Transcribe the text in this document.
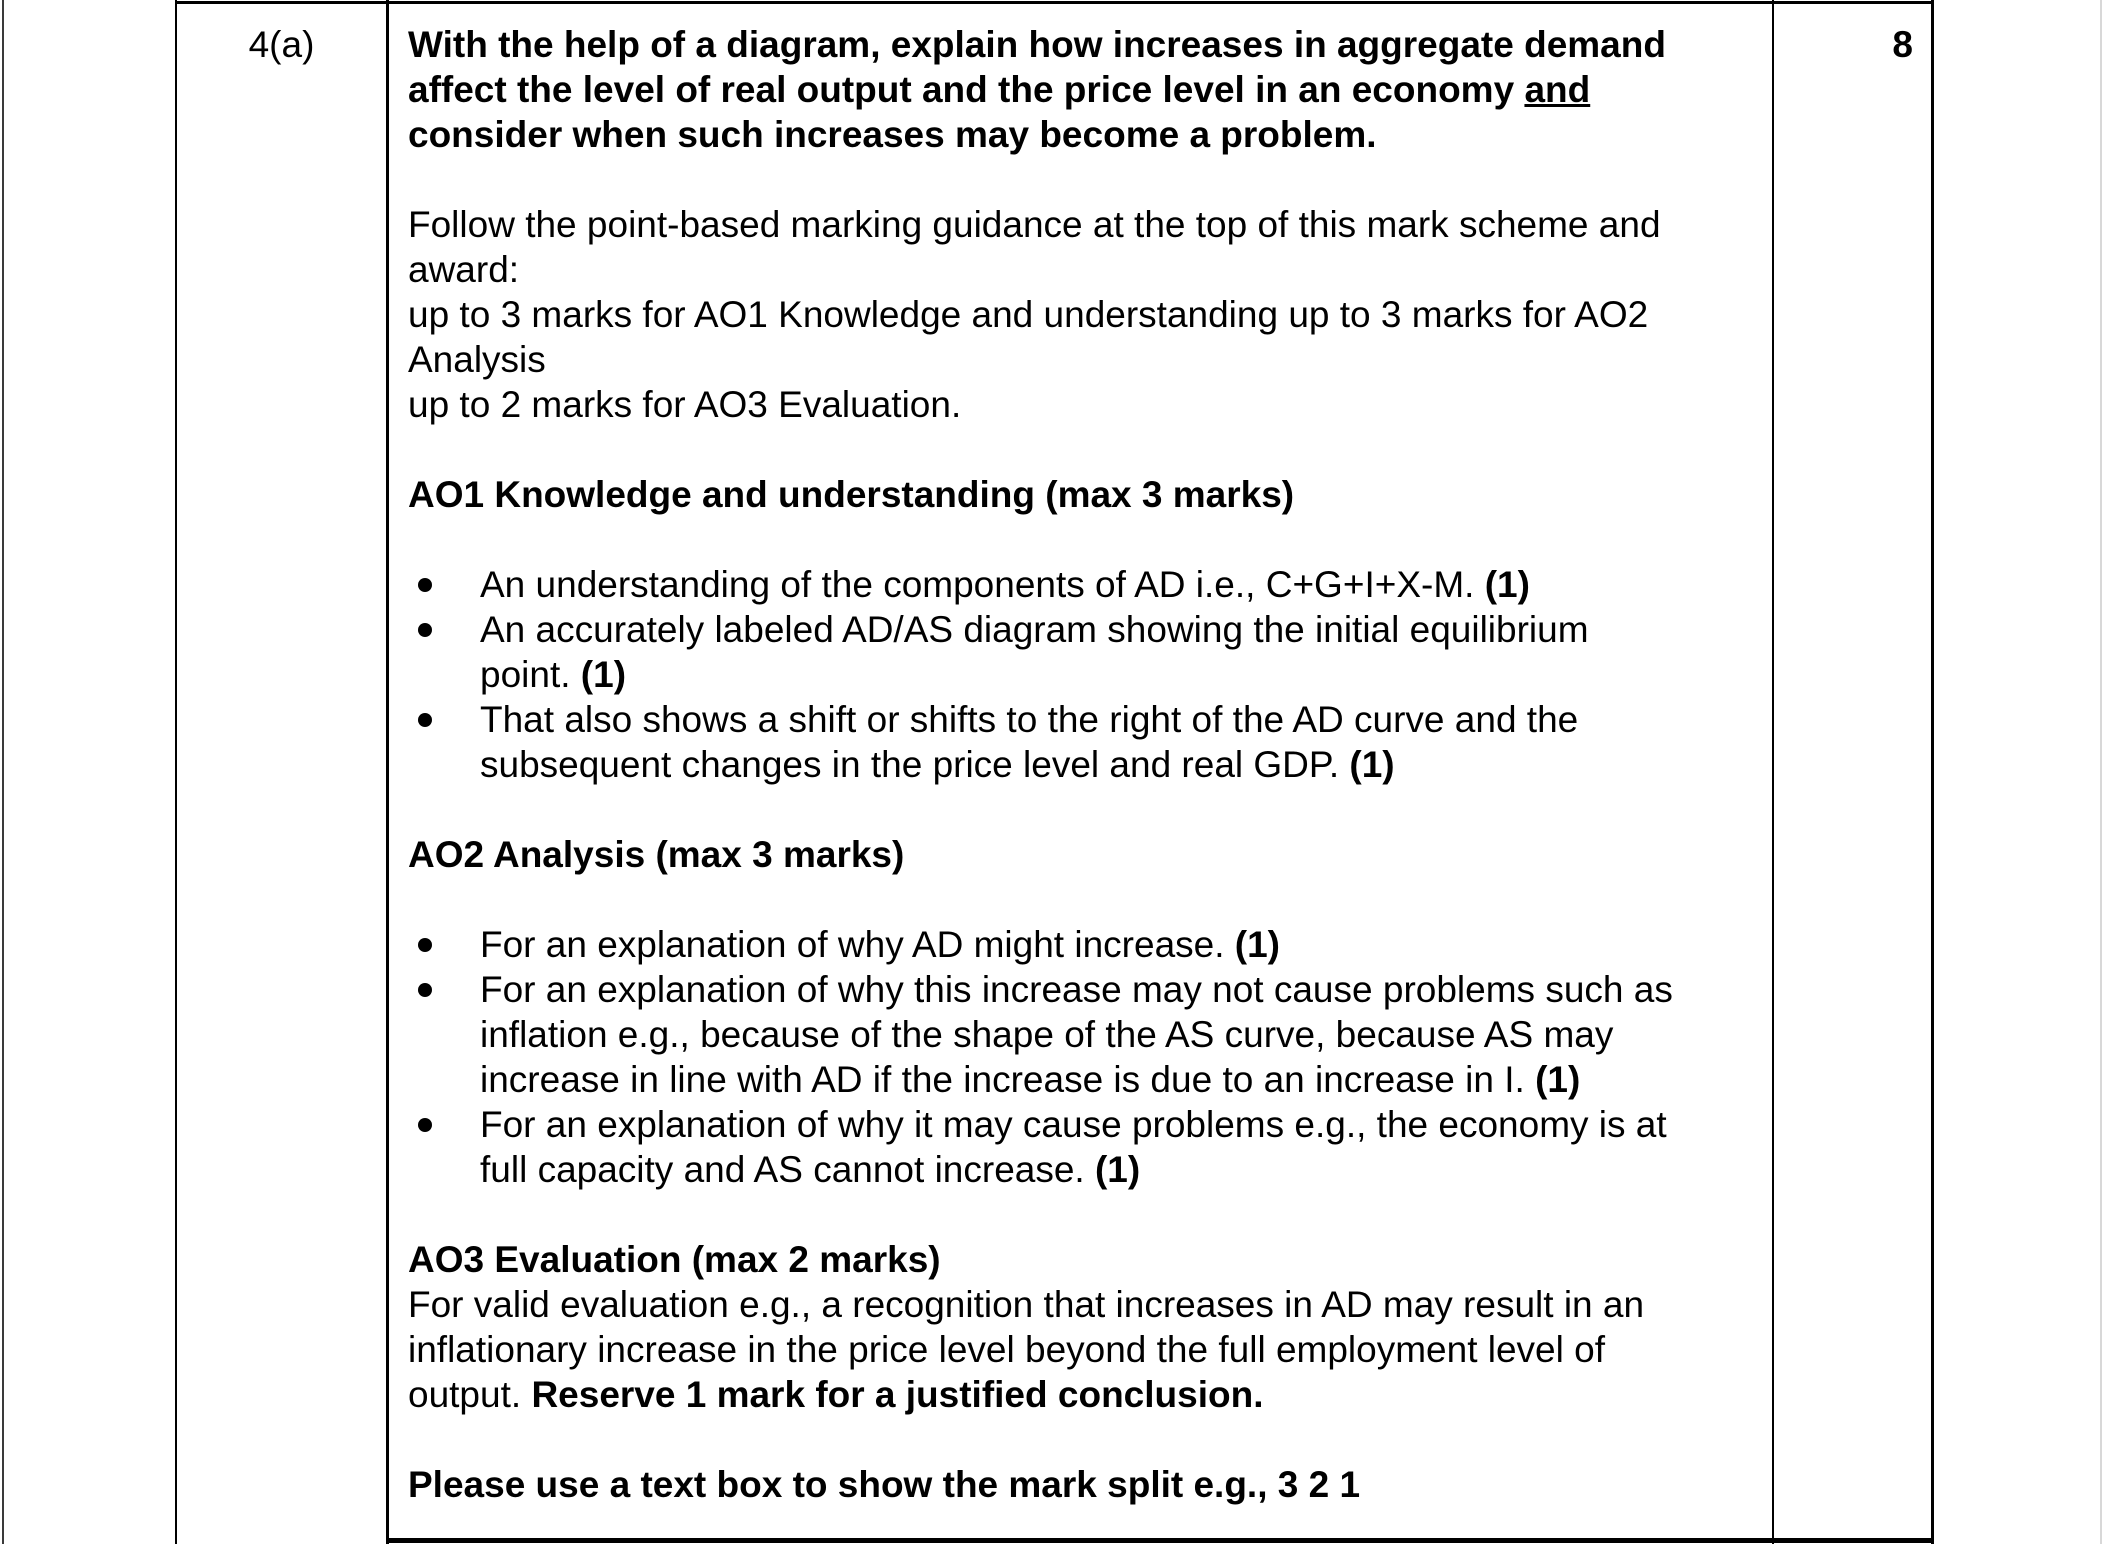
4(a)	With the help of a diagram, explain how increases in aggregate demand
affect the level of real output and the price level in an economy and
consider when such increases may become a problem.
Follow the point-based marking guidance at the top of this mark scheme and
award:
up to 3 marks for AO1 Knowledge and understanding up to 3 marks for AO2
Analysis
up to 2 marks for AO3 Evaluation.
AO1 Knowledge and understanding (max 3 marks)
An understanding of the components of AD i.e., C+G+I+X-M. (1)
An accurately labeled AD/AS diagram showing the initial equilibrium
point. (1)
That also shows a shift or shifts to the right of the AD curve and the
subsequent changes in the price level and real GDP. (1)
AO2 Analysis (max 3 marks)
For an explanation of why AD might increase. (1)
For an explanation of why this increase may not cause problems such as
inflation e.g., because of the shape of the AS curve, because AS may
increase in line with AD if the increase is due to an increase in I. (1)
For an explanation of why it may cause problems e.g., the economy is at
full capacity and AS cannot increase. (1)
AO3 Evaluation (max 2 marks)
For valid evaluation e.g., a recognition that increases in AD may result in an
inflationary increase in the price level beyond the full employment level of
output. Reserve 1 mark for a justified conclusion.
Please use a text box to show the mark split e.g., 3 2 1
8
